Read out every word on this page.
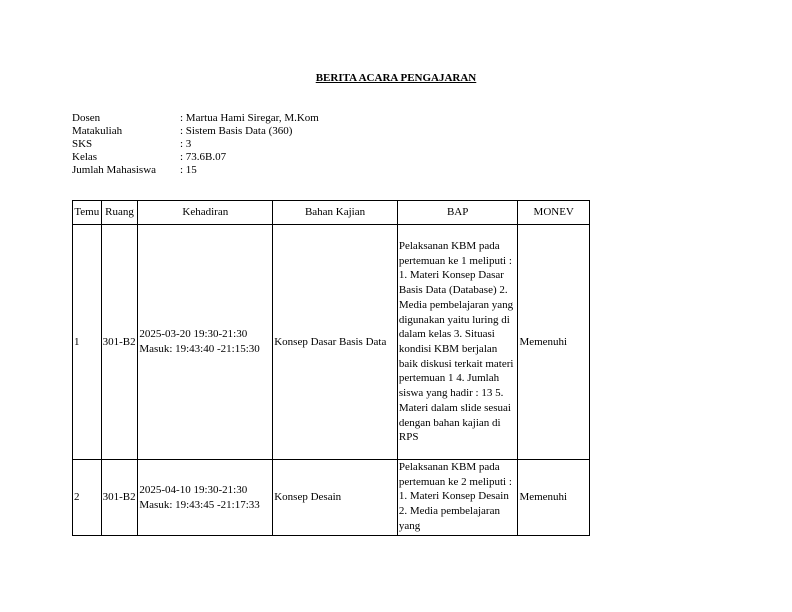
BERITA ACARA PENGAJARAN
Dosen	: Martua Hami Siregar, M.Kom
Matakuliah	: Sistem Basis Data (360)
SKS	: 3
Kelas	: 73.6B.07
Jumlah Mahasiswa	: 15
Temu	Ruang	Kehadiran	Bahan Kajian	BAP	MONEV
1	301-B2	2025-03-20 19:30-21:30
Masuk: 19:43:40 -21:15:30	Konsep Dasar Basis Data	Pelaksanan KBM pada pertemuan ke 1 meliputi : 1. Materi Konsep Dasar Basis Data (Database) 2. Media pembelajaran yang digunakan yaitu luring di dalam kelas 3. Situasi kondisi KBM berjalan baik diskusi terkait materi pertemuan 1 4. Jumlah siswa yang hadir : 13 5. Materi dalam slide sesuai dengan bahan kajian di RPS	Memenuhi
2	301-B2	2025-04-10 19:30-21:30
Masuk: 19:43:45 -21:17:33	Konsep Desain	Pelaksanan KBM pada pertemuan ke 2 meliputi : 1. Materi Konsep Desain 2. Media pembelajaran yang	Memenuhi
